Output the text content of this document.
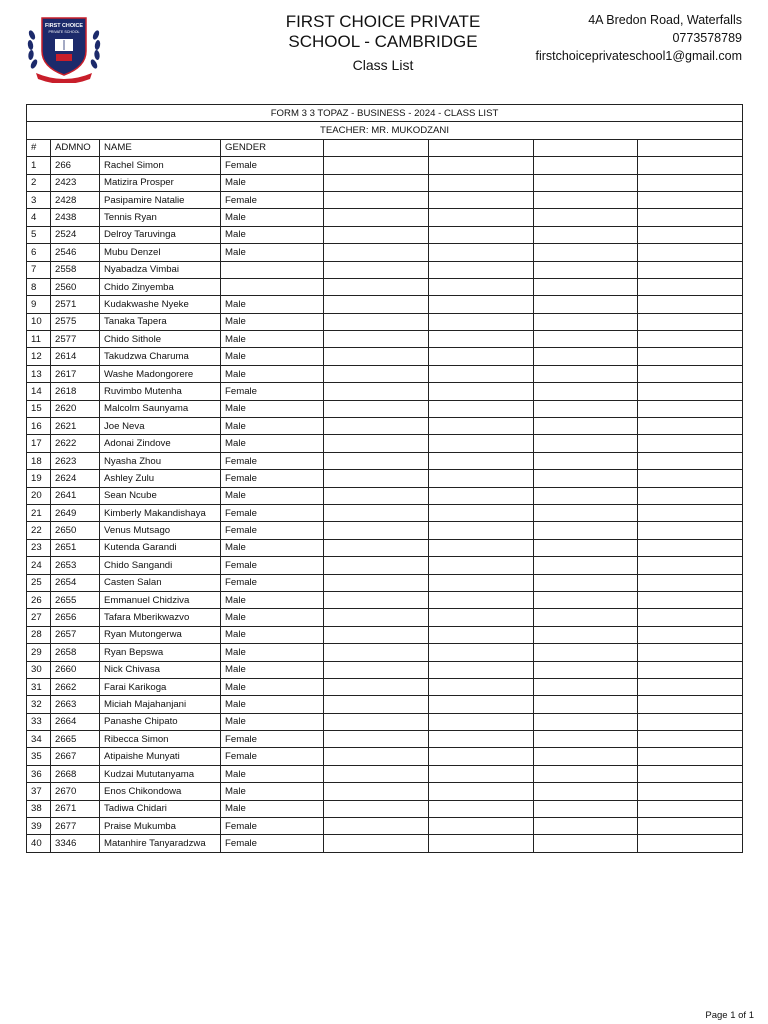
FIRST CHOICE
PRIVATE SCHOOL
FIRST CHOICE PRIVATE
SCHOOL - CAMBRIDGE
Class List
4A Bredon Road, Waterfalls
0773578789
firstchoiceprivateschool1@gmail.com
FORM 3 3 TOPAZ - BUSINESS - 2024 - CLASS LIST							
TEACHER: MR. MUKODZANI							
#	ADMNO	NAME	GENDER				
1	266	Rachel Simon	Female				
2	2423	Matizira Prosper	Male				
3	2428	Pasipamire Natalie	Female				
4	2438	Tennis Ryan	Male				
5	2524	Delroy Taruvinga	Male				
6	2546	Mubu Denzel	Male				
7	2558	Nyabadza Vimbai					
8	2560	Chido Zinyemba					
9	2571	Kudakwashe Nyeke	Male				
10	2575	Tanaka Tapera	Male				
11	2577	Chido Sithole	Male				
12	2614	Takudzwa Charuma	Male				
13	2617	Washe Madongorere	Male				
14	2618	Ruvimbo Mutenha	Female				
15	2620	Malcolm Saunyama	Male				
16	2621	Joe Neva	Male				
17	2622	Adonai Zindove	Male				
18	2623	Nyasha Zhou	Female				
19	2624	Ashley Zulu	Female				
20	2641	Sean Ncube	Male				
21	2649	Kimberly Makandishaya	Female				
22	2650	Venus Mutsago	Female				
23	2651	Kutenda Garandi	Male				
24	2653	Chido Sangandi	Female				
25	2654	Casten Salan	Female				
26	2655	Emmanuel Chidziva	Male				
27	2656	Tafara Mberikwazvo	Male				
28	2657	Ryan Mutongerwa	Male				
29	2658	Ryan Bepswa	Male				
30	2660	Nick Chivasa	Male				
31	2662	Farai Karikoga	Male				
32	2663	Miciah Majahanjani	Male				
33	2664	Panashe Chipato	Male				
34	2665	Ribecca Simon	Female				
35	2667	Atipaishe Munyati	Female				
36	2668	Kudzai Mututanyama	Male				
37	2670	Enos Chikondowa	Male				
38	2671	Tadiwa Chidari	Male				
39	2677	Praise Mukumba	Female				
40	3346	Matanhire Tanyaradzwa	Female				
Page 1 of 1
